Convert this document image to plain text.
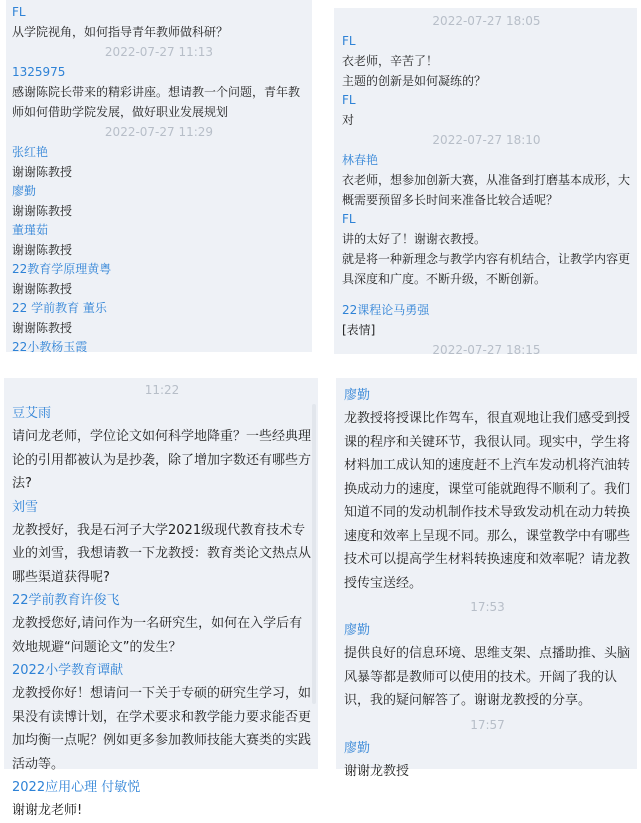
FL
从学院视角，如何指导青年教师做科研？
2022-07-27 11:13
1325975
感谢陈院长带来的精彩讲座。想请教一个问题，青年教师如何借助学院发展，做好职业发展规划
2022-07-27 11:29
张红艳
谢谢陈教授
廖勤
谢谢陈教授
董瑾茹
谢谢陈教授
22教育学原理黄粤
谢谢陈教授
22 学前教育 董乐
谢谢陈教授
22小教杨玉霞
2022-07-27 18:05
FL
衣老师，辛苦了！
主题的创新是如何凝练的？
FL
对
2022-07-27 18:10
林春艳
衣老师，想参加创新大赛，从准备到打磨基本成形，大概需要预留多长时间来准备比较合适呢？
FL
讲的太好了！谢谢衣教授。
就是将一种新理念与教学内容有机结合，让教学内容更具深度和广度。不断升级，不断创新。
22课程论马勇强
[表情]
2022-07-27 18:15
11:22
豆艾雨
请问龙老师，学位论文如何科学地降重？一些经典理论的引用都被认为是抄袭，除了增加字数还有哪些方法?
刘雪
龙教授好，我是石河子大学2021级现代教育技术专业的刘雪，我想请教一下龙教授：教育类论文热点从哪些渠道获得呢?
22学前教育许俊飞
龙教授您好,请问作为一名研究生，如何在入学后有效地规避“问题论文”的发生？
2022小学教育谭献
龙教授你好！想请问一下关于专硕的研究生学习，如果没有读博计划，在学术要求和教学能力要求能否更加均衡一点呢？例如更多参加教师技能大赛类的实践活动等。
2022应用心理 付敏悦
谢谢龙老师!
廖勤
龙教授将授课比作驾车，很直观地让我们感受到授课的程序和关键环节，我很认同。现实中，学生将材料加工成认知的速度赶不上汽车发动机将汽油转换成动力的速度，课堂可能就跑得不顺利了。我们知道不同的发动机制作技术导致发动机在动力转换速度和效率上呈现不同。那么，课堂教学中有哪些技术可以提高学生材料转换速度和效率呢？请龙教授传宝送经。
17:53
廖勤
提供良好的信息环境、思维支架、点播助推、头脑风暴等都是教师可以使用的技术。开阔了我的认识，我的疑问解答了。谢谢龙教授的分享。
17:57
廖勤
谢谢龙教授
